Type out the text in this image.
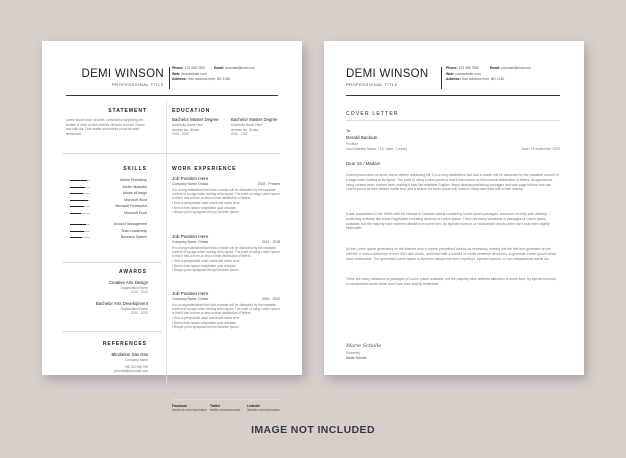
DEMI WINSON
PROFESSIONAL TITLE
Phone: 123 456 7890
Web: yourwebsite.com
Address: Your address here, BD 1230
Email: yourmail@mail.com
STATEMENT
Lorem ipsum dolor sit amet, consectetur adipiscing elit. Nullam id dolor id nibh ultricies vehicula ut id elit. Donec sed odio dui. Cras mattis consectetur purus sit amet fermentum.
EDUCATION
Bachelor Master Degree
University Name Here
Aenean leo, Dhaka
2010 - 2012
Bachelor Master Degree
University Name Here
Aenean leo, Dhaka
2010 - 2012
SKILLS
Adobe Photoshop
Adobe Illustrator
Adobe InDesign
Microsoft Word
Microsoft Powerpoint
Microsoft Excel
Account Management
Team Leadership
Business System
WORK EXPERIENCE
Job Position Here
Company Name, Dhaka	2015 - Present
It is a long established fact that a reader will be distracted by the readable content of a page when looking at its layout. The point of using Lorem Ipsum is that it has a more-or-less normal distribution of letters.
• Sed ut perspiciatis unde omnis iste natus error
• Nemo enim ipsam voluptatem quia voluptas
• Neque porro quisquam est qui dolorem ipsum
Job Position Here
Company Name, Dhaka	2014 - 2018
It is a long established fact that a reader will be distracted by the readable content of a page when looking at its layout. The point of using Lorem Ipsum is that it has a more-or-less normal distribution of letters.
• Sed ut perspiciatis unde omnis iste natus error
• Nemo enim ipsam voluptatem quia voluptas
• Neque porro quisquam est qui dolorem ipsum
Job Position Here
Company Name, Dhaka	2019 - 2020
It is a long established fact that a reader will be distracted by the readable content of a page when looking at its layout. The point of using Lorem Ipsum is that it has a more-or-less normal distribution of letters.
• Sed ut perspiciatis unde omnis iste natus error
• Nemo enim ipsam voluptatem quia voluptas
• Neque porro quisquam est qui dolorem ipsum
AWARDS
Creative Arts Design
Organization Name
2010 - 2012
Bachelor Arts Development
Organization Name
2010 - 2012
REFERENCES
Blindation Das Das
Company Name
+98 123 456 789
yourmail@yourmail.com
Facebook
facebook.com/username
Twitter
twitter.com/username
Linkedin
linkedin.com/username
DEMI WINSON
PROFESSIONAL TITLE
Phone: 123 456 7890
Web: yourwebsite.com
Address: Your address here, BD 1230
Email: yourmail@mail.com
COVER LETTER
To
Derald Backum
Position
Your Address Name, 123, State, Country	Date: 15 september 2020
Dear Sir / Madam
Lorem ipsum dolor sit amet, conse ctetuer adipiscing elit. It is a long established fact that a reader will be distracted by the readable content of a page when looking at its layout. The point of using Lorem Ipsum is that it has a more-or-less normal distribution of letters, as opposed to using content here, content here, making it look like readable English. Many desktop publishing packages and web page editors now use Lorem Ipsum as their default model text, and a search for lorem ipsum will uncover many web sites still in their infancy.
It was popularised in the 1960s with the release of Letraset sheets containing Lorem Ipsum passages, and more recently with desktop publishing software like Aldus PageMaker including versions of Lorem Ipsum. There are many variations of passages of Lorem Ipsum available, but the majority have suffered alteration in some form, by injected humour, or randomised words which don't look even slightly believable.
All the Lorem Ipsum generators on the Internet tend to repeat predefined chunks as necessary, making this the first true generator on the Internet. It uses a dictionary of over 200 Latin words, combined with a handful of model sentence structures, to generate Lorem Ipsum which looks reasonable. The generated Lorem Ipsum is therefore always free from repetition, injected humour, or non-characteristic words etc.
There are many variations of passages of Lorem Ipsum available, but the majority have suffered alteration in some form, by injected humour, or randomised words which don't look even slightly believable.
Marie Scholle
Sincerely
Marie Scholle
IMAGE NOT INCLUDED
